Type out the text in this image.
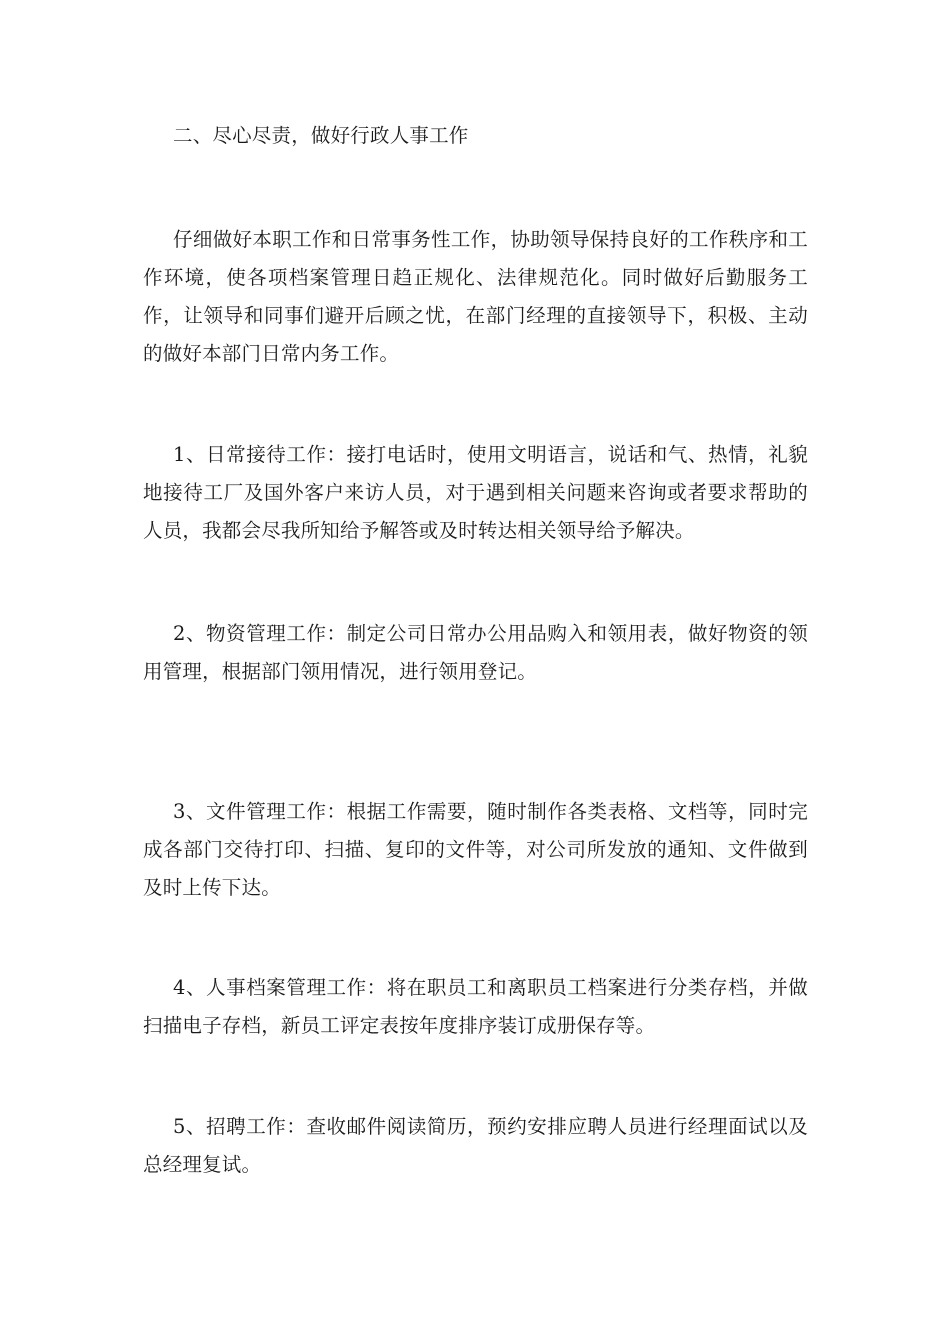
二、尽心尽责，做好行政人事工作

仔细做好本职工作和日常事务性工作，协助领导保持良好的工作秩序和工作环境，使各项档案管理日趋正规化、法律规范化。同时做好后勤服务工作，让领导和同事们避开后顾之忧，在部门经理的直接领导下，积极、主动的做好本部门日常内务工作。

1、日常接待工作：接打电话时，使用文明语言，说话和气、热情，礼貌地接待工厂及国外客户来访人员，对于遇到相关问题来咨询或者要求帮助的人员，我都会尽我所知给予解答或及时转达相关领导给予解决。

2、物资管理工作：制定公司日常办公用品购入和领用表，做好物资的领用管理，根据部门领用情况，进行领用登记。

3、文件管理工作：根据工作需要，随时制作各类表格、文档等，同时完成各部门交待打印、扫描、复印的文件等，对公司所发放的通知、文件做到及时上传下达。

4、人事档案管理工作：将在职员工和离职员工档案进行分类存档，并做扫描电子存档，新员工评定表按年度排序装订成册保存等。

5、招聘工作：查收邮件阅读简历，预约安排应聘人员进行经理面试以及总经理复试。
